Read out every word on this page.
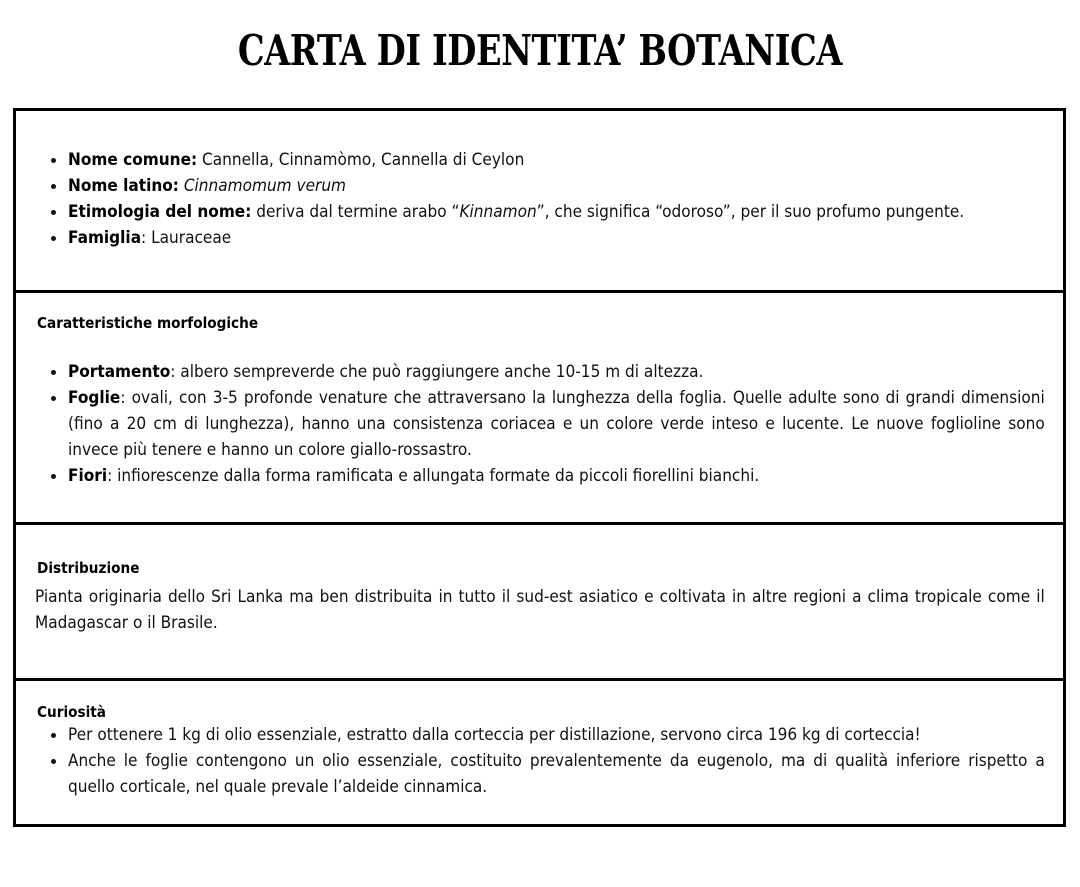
CARTA DI IDENTITA’ BOTANICA
Nome comune: Cannella, Cinnamòmo, Cannella di Ceylon
Nome latino: Cinnamomum verum
Etimologia del nome: deriva dal termine arabo “Kinnamon”, che significa “odoroso”, per il suo profumo pungente.
Famiglia: Lauraceae
Caratteristiche morfologiche
Portamento: albero sempreverde che può raggiungere anche 10-15 m di altezza.
Foglie: ovali, con 3-5 profonde venature che attraversano la lunghezza della foglia. Quelle adulte sono di grandi dimensioni (fino a 20 cm di lunghezza), hanno una consistenza coriacea e un colore verde inteso e lucente. Le nuove foglioline sono invece più tenere e hanno un colore giallo-rossastro.
Fiori: infiorescenze dalla forma ramificata e allungata formate da piccoli fiorellini bianchi.
Distribuzione

Pianta originaria dello Sri Lanka ma ben distribuita in tutto il sud-est asiatico e coltivata in altre regioni a clima tropicale come il Madagascar o il Brasile.

Curiosità
Per ottenere 1 kg di olio essenziale, estratto dalla corteccia per distillazione, servono circa 196 kg di corteccia!
Anche le foglie contengono un olio essenziale, costituito prevalentemente da eugenolo, ma di qualità inferiore rispetto a quello corticale, nel quale prevale l’aldeide cinnamica.
